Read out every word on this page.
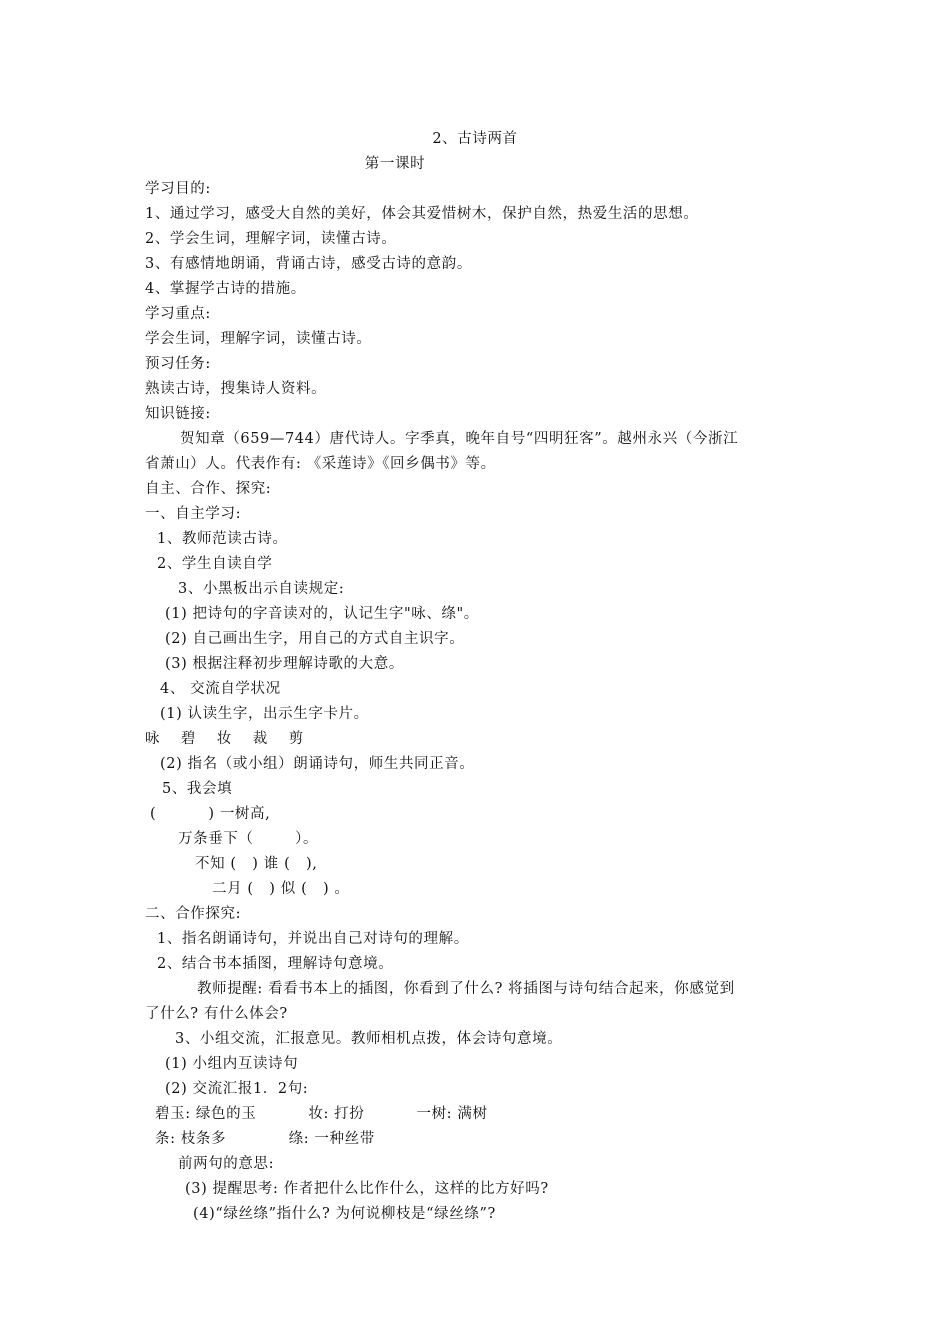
2、古诗两首
第一课时
学习目的:
1、通过学习，感受大自然的美好，体会其爱惜树木，保护自然，热爱生活的思想。
2、学会生词，理解字词，读懂古诗。
3、有感情地朗诵，背诵古诗，感受古诗的意韵。
4、掌握学古诗的措施。
学习重点:
学会生词，理解字词，读懂古诗。
预习任务:
熟读古诗，搜集诗人资料。
知识链接:
贺知章（659—744）唐代诗人。字季真，晚年自号“四明狂客”。越州永兴（今浙江
省萧山）人。代表作有: 《采莲诗》《回乡偶书》等。
自主、合作、探究:
一、自主学习:
1、教师范读古诗。
2、学生自读自学
3、小黑板出示自读规定:
(1) 把诗句的字音读对的，认记生字"咏、绦"。
(2) 自己画出生字，用自己的方式自主识字。
(3) 根据注释初步理解诗歌的大意。
4、 交流自学状况
(1) 认读生字，出示生字卡片。
咏    碧    妆    裁    剪
(2) 指名（或小组）朗诵诗句，师生共同正音。
5、我会填
(          ) 一树高,
万条垂下（        ）。
不知 (   ) 谁 (   ),
二月 (   ) 似 (   ) 。
二、合作探究:
1、指名朗诵诗句，并说出自己对诗句的理解。
2、结合书本插图，理解诗句意境。
教师提醒: 看看书本上的插图，你看到了什么? 将插图与诗句结合起来，你感觉到
了什么? 有什么体会?
3、小组交流，汇报意见。教师相机点拨，体会诗句意境。
(1) 小组内互读诗句
(2) 交流汇报1．2句:
碧玉: 绿色的玉          妆: 打扮          一树: 满树
条: 枝条多            绦: 一种丝带
前两句的意思:
(3) 提醒思考: 作者把什么比作什么，这样的比方好吗?
(4)“绿丝绦”指什么? 为何说柳枝是“绿丝绦”?
